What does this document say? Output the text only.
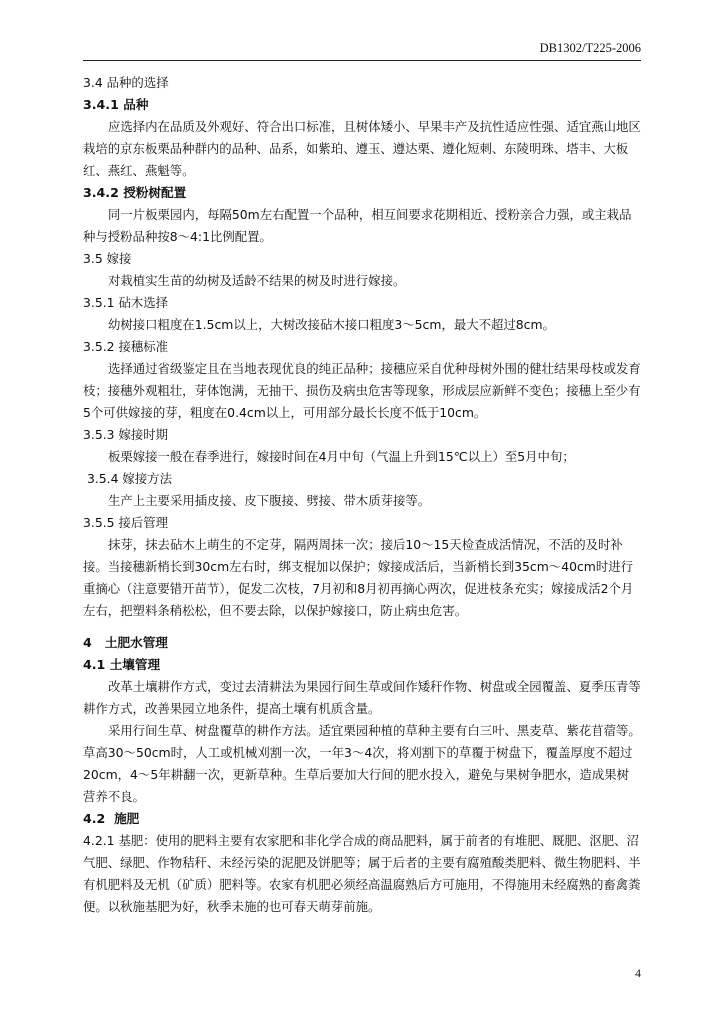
DB1302/T225-2006
3.4 品种的选择
3.4.1 品种

应选择内在品质及外观好、符合出口标准，且树体矮小、早果丰产及抗性适应性强、适宜燕山地区栽培的京东板栗品种群内的品种、品系，如紫珀、遵玉、遵达栗、遵化短刺、东陵明珠、塔丰、大板红、燕红、燕魁等。

3.4.2 授粉树配置

同一片板栗园内，每隔50m左右配置一个品种，相互间要求花期相近、授粉亲合力强，或主栽品种与授粉品种按8～4:1比例配置。

3.5 嫁接

对栽植实生苗的幼树及适龄不结果的树及时进行嫁接。

3.5.1 砧木选择

幼树接口粗度在1.5cm以上，大树改接砧木接口粗度3～5cm，最大不超过8cm。

3.5.2 接穗标准

选择通过省级鉴定且在当地表现优良的纯正品种；接穗应采自优种母树外围的健壮结果母枝或发育枝；接穗外观粗壮，芽体饱满，无抽干、损伤及病虫危害等现象，形成层应新鲜不变色；接穗上至少有5个可供嫁接的芽，粗度在0.4cm以上，可用部分最长长度不低于10cm。

3.5.3 嫁接时期

板栗嫁接一般在春季进行，嫁接时间在4月中旬（气温上升到15℃以上）至5月中旬；

3.5.4 嫁接方法

生产上主要采用插皮接、皮下腹接、劈接、带木质芽接等。

3.5.5 接后管理

抹芽，抹去砧木上萌生的不定芽，隔两周抹一次；接后10～15天检查成活情况，不活的及时补接。当接穗新梢长到30cm左右时，绑支棍加以保护；嫁接成活后，当新梢长到35cm～40cm时进行重摘心（注意要错开苗节），促发二次枝，7月初和8月初再摘心两次，促进枝条充实；嫁接成活2个月左右，把塑料条稍松松，但不要去除，以保护嫁接口，防止病虫危害。

4   土肥水管理
4.1 土壤管理

改革土壤耕作方式，变过去清耕法为果园行间生草或间作矮秆作物、树盘或全园覆盖、夏季压青等耕作方式，改善果园立地条件，提高土壤有机质含量。

采用行间生草、树盘覆草的耕作方法。适宜栗园种植的草种主要有白三叶、黑麦草、紫花苜蓿等。草高30～50cm时，人工或机械刈割一次，一年3～4次，将刈割下的草覆于树盘下，覆盖厚度不超过20cm，4～5年耕翻一次，更新草种。生草后要加大行间的肥水投入，避免与果树争肥水，造成果树营养不良。

4.2  施肥

4.2.1 基肥：使用的肥料主要有农家肥和非化学合成的商品肥料，属于前者的有堆肥、厩肥、沤肥、沼气肥、绿肥、作物秸秆、未经污染的泥肥及饼肥等；属于后者的主要有腐殖酸类肥料、微生物肥料、半有机肥料及无机（矿质）肥料等。农家有机肥必须经高温腐熟后方可施用，不得施用未经腐熟的畜禽粪便。以秋施基肥为好，秋季未施的也可春天萌芽前施。

4
